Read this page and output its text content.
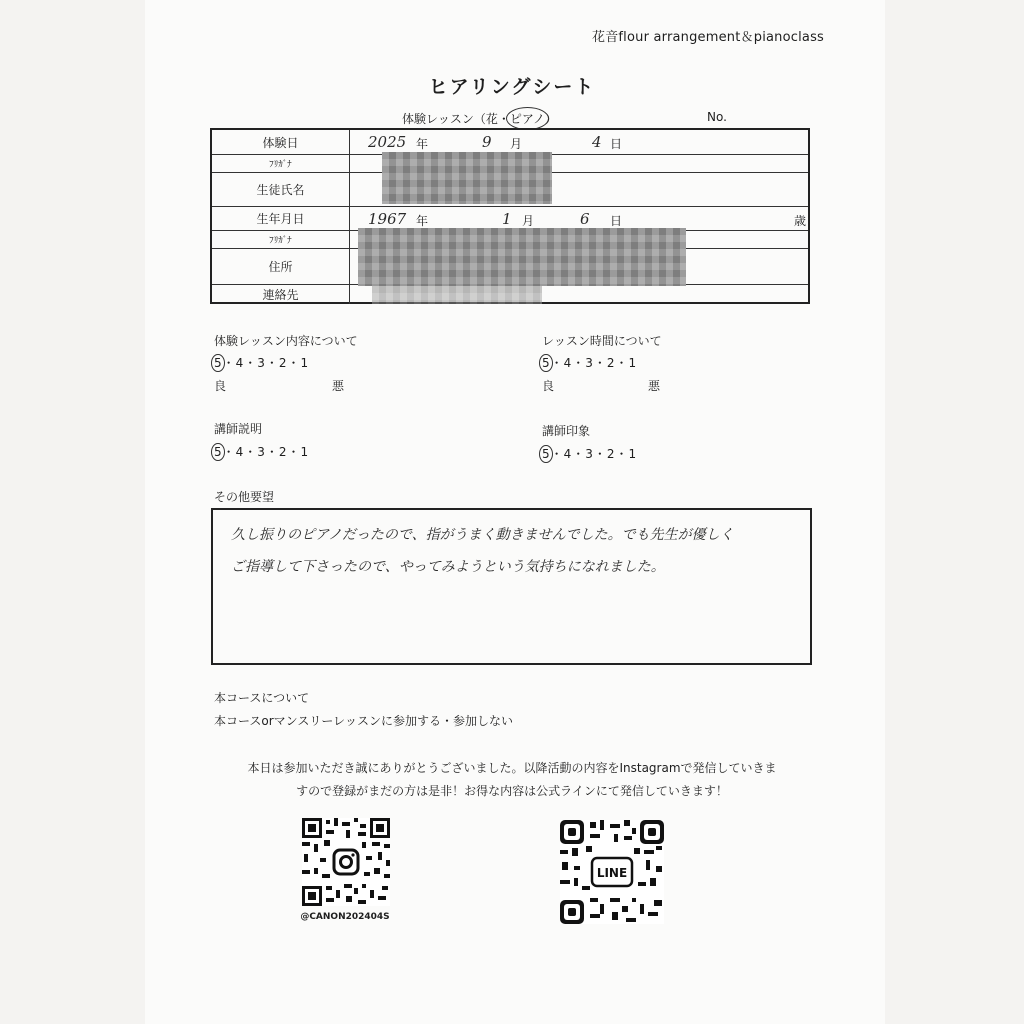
花音flour arrangement＆pianoclass
ヒアリングシート
体験レッスン（花・ピアノ）	No.
体験日	2025 年	9 月	4 日
ﾌﾘｶﾞﾅ
生徒氏名
生年月日	1967 年	1 月	6 日	歳
ﾌﾘｶﾞﾅ
住所
連絡先
体験レッスン内容について
5・4・3・2・1
良	悪
レッスン時間について
5・4・3・2・1
良	悪
講師説明
5・4・3・2・1
講師印象
5・4・3・2・1
その他要望
久し振りのピアノだったので、指がうまく動きませんでした。でも先生が優しく
ご指導して下さったので、やってみようという気持ちになれました。
本コースについて
本コースorマンスリーレッスンに参加する・参加しない
本日は参加いただき誠にありがとうございました。以降活動の内容をInstagramで発信していきま
すので登録がまだの方は是非！お得な内容は公式ラインにて発信していきます！
@CANON202404S
LINE
